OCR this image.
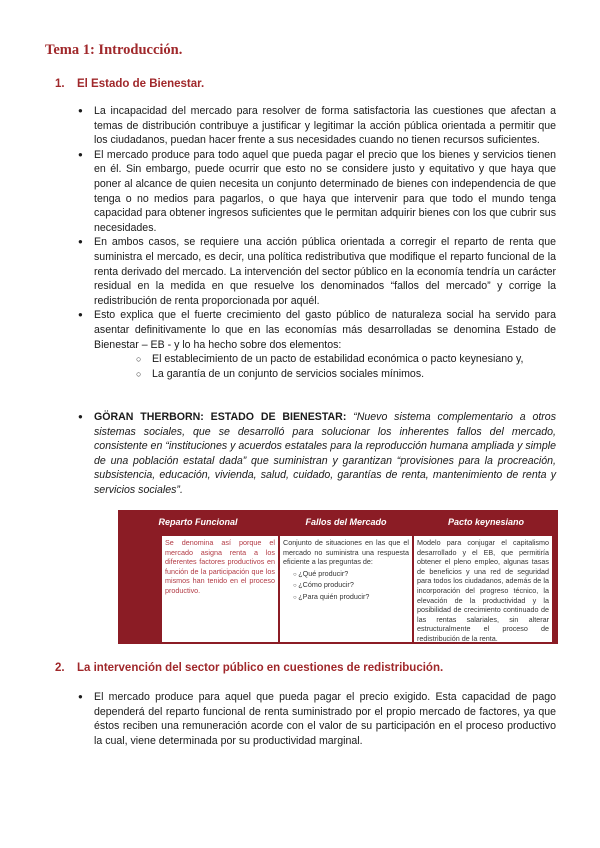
Tema 1: Introducción.
1. El Estado de Bienestar.
● La incapacidad del mercado para resolver de forma satisfactoria las cuestiones que afectan a temas de distribución contribuye a justificar y legitimar la acción pública orientada a permitir que los ciudadanos, puedan hacer frente a sus necesidades cuando no tienen recursos suficientes.
● El mercado produce para todo aquel que pueda pagar el precio que los bienes y servicios tienen en él. Sin embargo, puede ocurrir que esto no se considere justo y equitativo y que haya que poner al alcance de quien necesita un conjunto determinado de bienes con independencia de que tenga o no medios para pagarlos, o que haya que intervenir para que todo el mundo tenga capacidad para obtener ingresos suficientes que le permitan adquirir bienes con los que cubrir sus necesidades.
● En ambos casos, se requiere una acción pública orientada a corregir el reparto de renta que suministra el mercado, es decir, una política redistributiva que modifique el reparto funcional de la renta derivado del mercado. La intervención del sector público en la economía tendría un carácter residual en la medida en que resuelve los denominados “fallos del mercado” y corrige la redistribución de renta proporcionada por aquél.
● Esto explica que el fuerte crecimiento del gasto público de naturaleza social ha servido para asentar definitivamente lo que en las economías más desarrolladas se denomina Estado de Bienestar – EB - y lo ha hecho sobre dos elementos:
○ El establecimiento de un pacto de estabilidad económica o pacto keynesiano y,
○ La garantía de un conjunto de servicios sociales mínimos.
● GÖRAN THERBORN: ESTADO DE BIENESTAR: “Nuevo sistema complementario a otros sistemas sociales, que se desarrolló para solucionar los inherentes fallos del mercado, consistente en “instituciones y acuerdos estatales para la reproducción humana ampliada y simple de una población estatal dada” que suministran y garantizan “provisiones para la procreación, subsistencia, educación, vivienda, salud, cuidado, garantías de renta, mantenimiento de renta y servicios sociales”.
Reparto Funcional	Fallos del Mercado	Pacto keynesiano
Se denomina así porque el mercado asigna renta a los diferentes factores productivos en función de la participación que los mismos han tenido en el proceso productivo.
Conjunto de situaciones en las que el mercado no suministra una respuesta eficiente a las preguntas de:
○ ¿Qué producir?
○ ¿Cómo producir?
○ ¿Para quién producir?
Modelo para conjugar el capitalismo desarrollado y el EB, que permitiría obtener el pleno empleo, algunas tasas de beneficios y una red de seguridad para todos los ciudadanos, además de la incorporación del progreso técnico, la elevación de la productividad y la posibilidad de crecimiento continuado de las rentas salariales, sin alterar estructuralmente el proceso de redistribución de la renta.
2. La intervención del sector público en cuestiones de redistribución.
● El mercado produce para aquel que pueda pagar el precio exigido. Esta capacidad de pago dependerá del reparto funcional de renta suministrado por el propio mercado de factores, ya que éstos reciben una remuneración acorde con el valor de su participación en el proceso productivo la cual, viene determinada por su productividad marginal.
